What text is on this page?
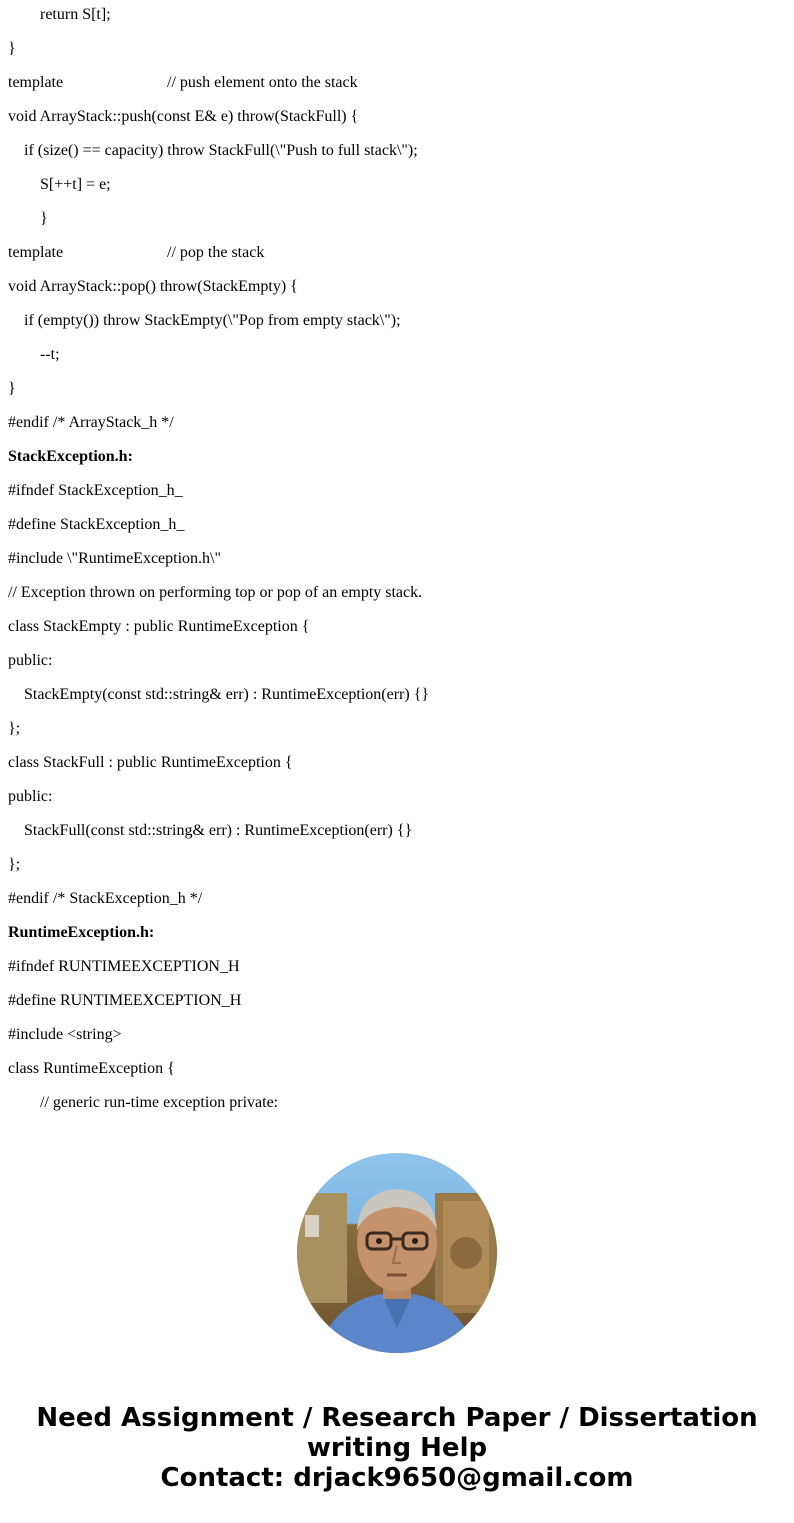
return S[t];
}
template	// push element onto the stack
void ArrayStack::push(const E& e) throw(StackFull) {
if (size() == capacity) throw StackFull(\"Push to full stack\");
S[++t] = e;
}
template	// pop the stack
void ArrayStack::pop() throw(StackEmpty) {
if (empty()) throw StackEmpty(\"Pop from empty stack\");
--t;
}
#endif /* ArrayStack_h */
StackException.h:
#ifndef StackException_h_
#define StackException_h_
#include \"RuntimeException.h\"
// Exception thrown on performing top or pop of an empty stack.
class StackEmpty : public RuntimeException {
public:
StackEmpty(const std::string& err) : RuntimeException(err) {}
};
class StackFull : public RuntimeException {
public:
StackFull(const std::string& err) : RuntimeException(err) {}
};
#endif /* StackException_h */
RuntimeException.h:
#ifndef RUNTIMEEXCEPTION_H
#define RUNTIMEEXCEPTION_H
#include <string>
class RuntimeException {
// generic run-time exception private:
Need Assignment / Research Paper / Dissertation
writing Help
Contact: drjack9650@gmail.com
